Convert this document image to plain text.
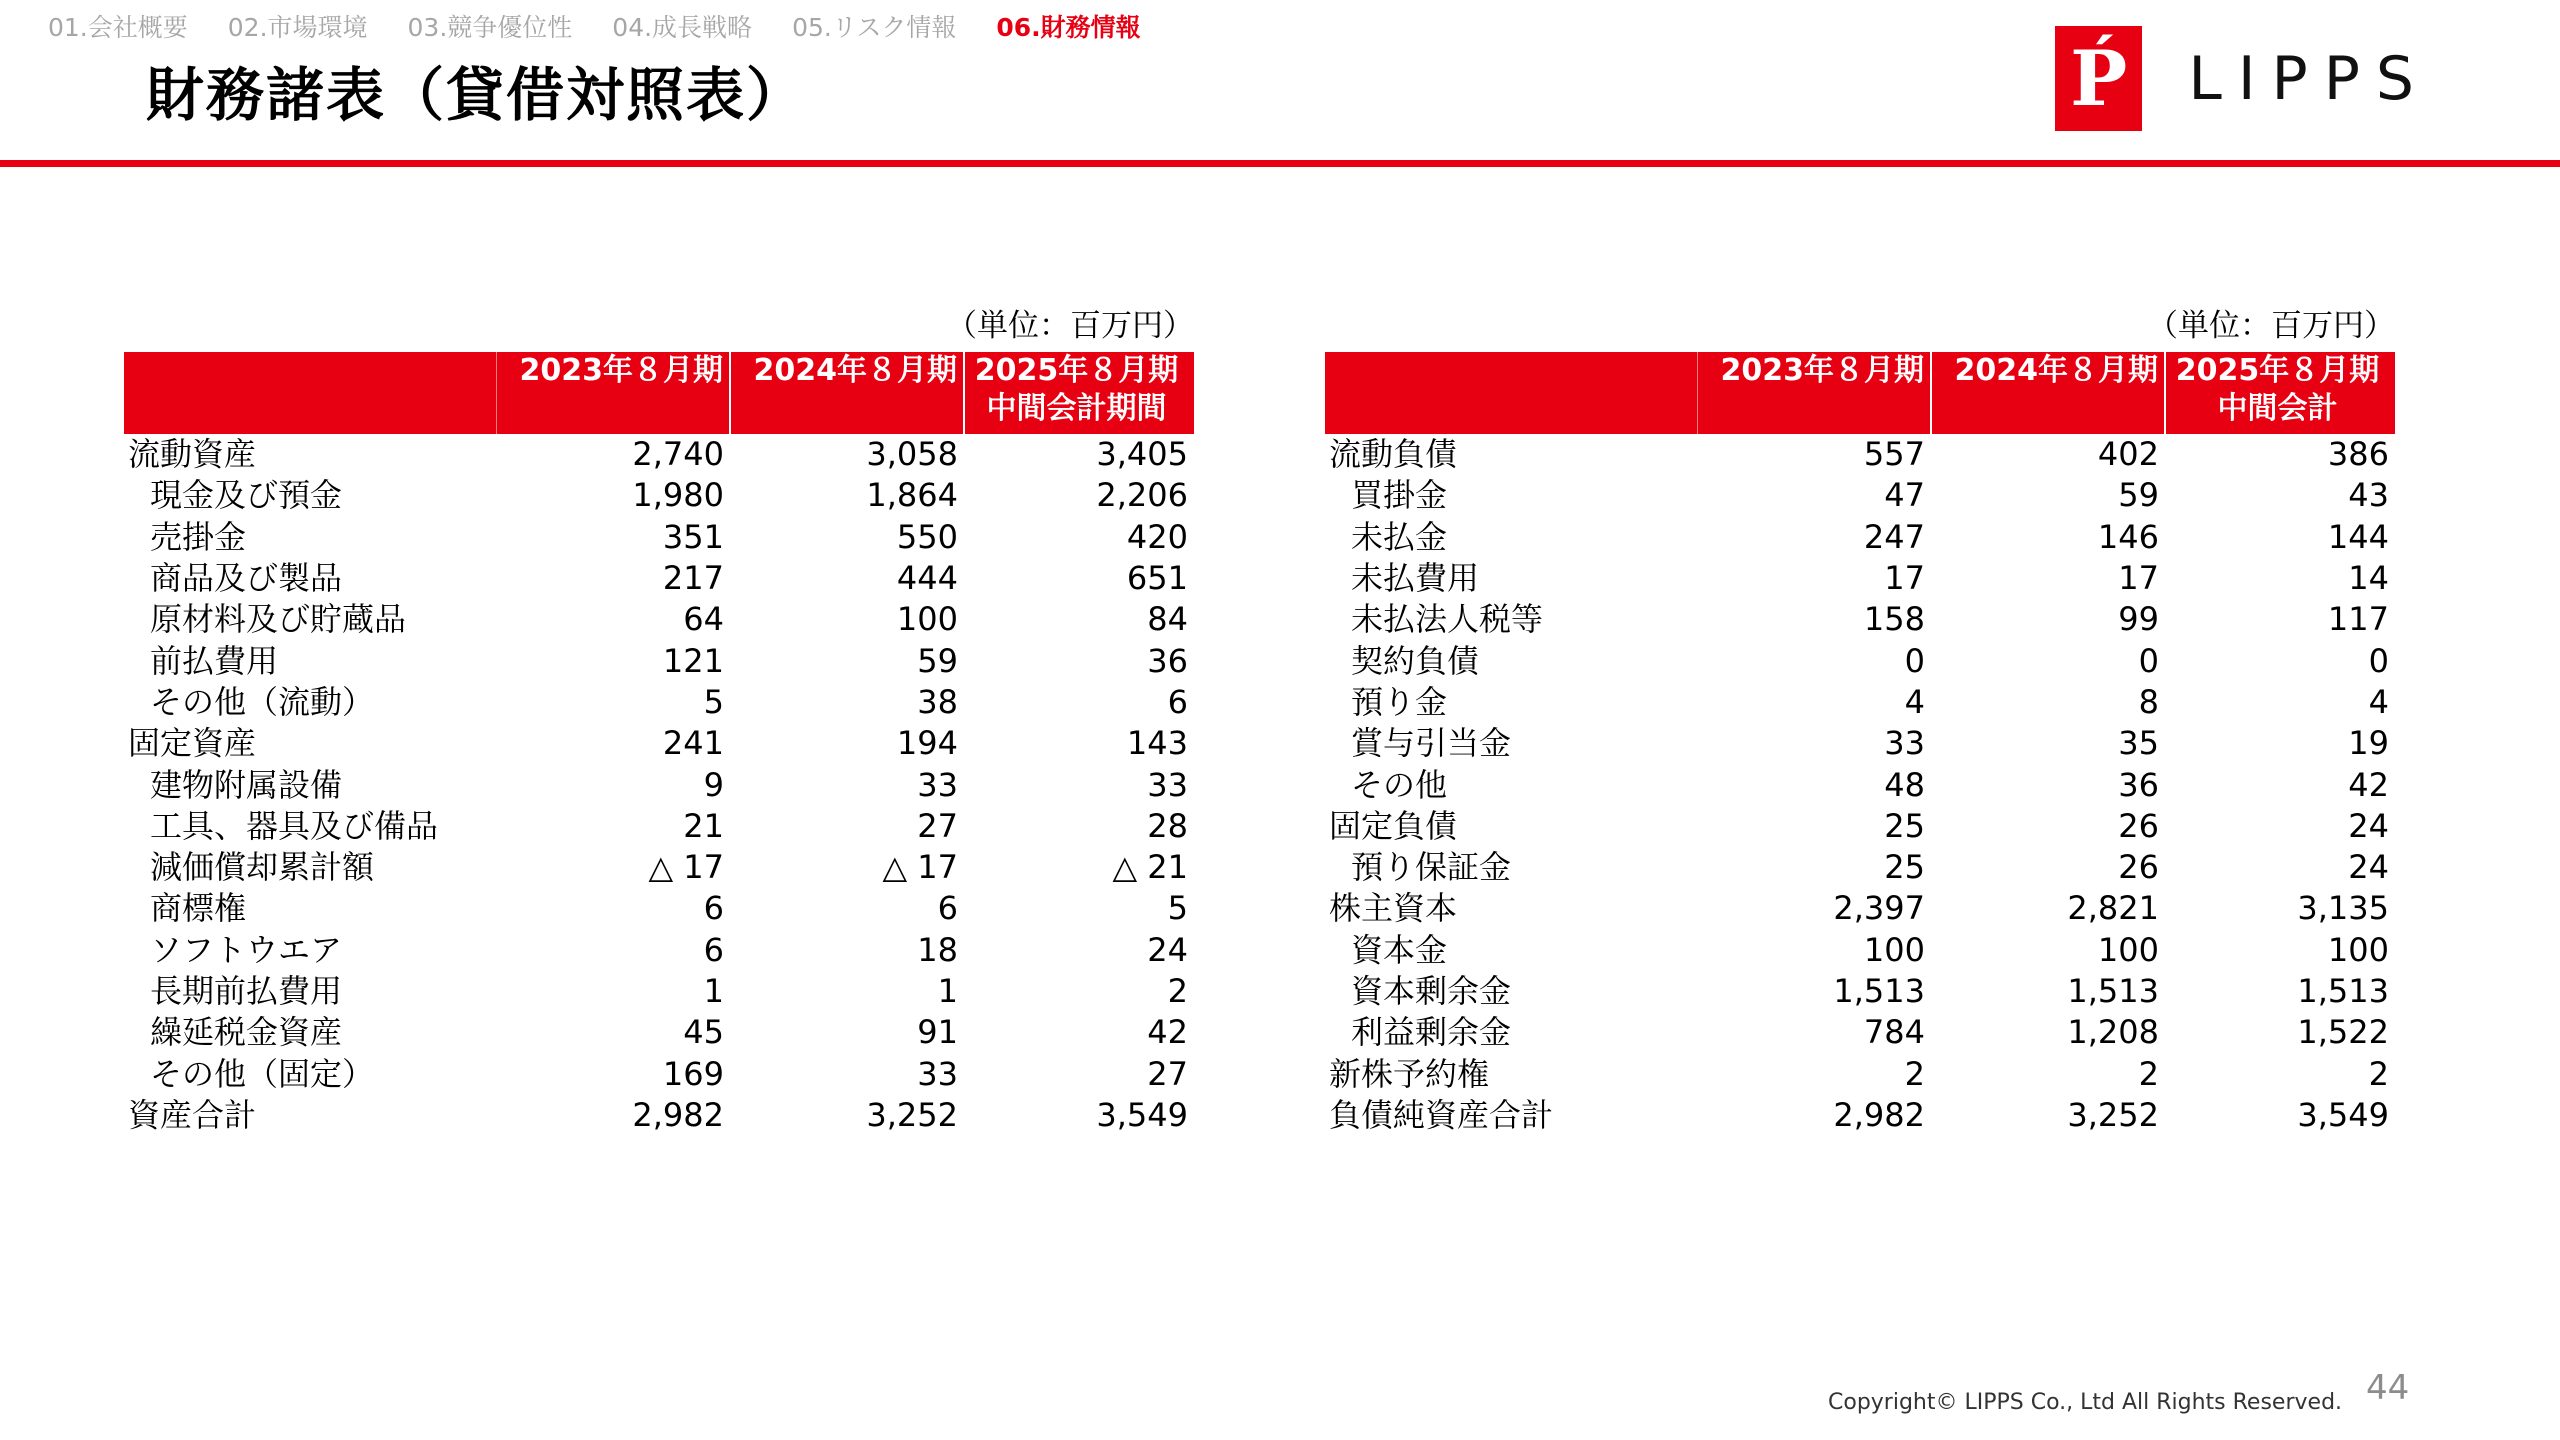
01.会社概要 02.市場環境 03.競争優位性 04.成長戦略 05.リスク情報 06.財務情報
財務諸表（貸借対照表）	Ṕ LIPPS
（単位：百万円）
	2023年８月期	2024年８月期	2025年８月期
中間会計期間
流動資産	2,740	3,058	3,405
現金及び預金	1,980	1,864	2,206
売掛金	351	550	420
商品及び製品	217	444	651
原材料及び貯蔵品	64	100	84
前払費用	121	59	36
その他（流動）	5	38	6
固定資産	241	194	143
建物附属設備	9	33	33
工具、器具及び備品	21	27	28
減価償却累計額	△ 17	△ 17	△ 21
商標権	6	6	5
ソフトウエア	6	18	24
長期前払費用	1	1	2
繰延税金資産	45	91	42
その他（固定）	169	33	27
資産合計	2,982	3,252	3,549
（単位：百万円）
	2023年８月期	2024年８月期	2025年８月期
中間会計
流動負債	557	402	386
買掛金	47	59	43
未払金	247	146	144
未払費用	17	17	14
未払法人税等	158	99	117
契約負債	0	0	0
預り金	4	8	4
賞与引当金	33	35	19
その他	48	36	42
固定負債	25	26	24
預り保証金	25	26	24
株主資本	2,397	2,821	3,135
資本金	100	100	100
資本剰余金	1,513	1,513	1,513
利益剰余金	784	1,208	1,522
新株予約権	2	2	2
負債純資産合計	2,982	3,252	3,549
Copyright© LIPPS Co., Ltd All Rights Reserved. 44
